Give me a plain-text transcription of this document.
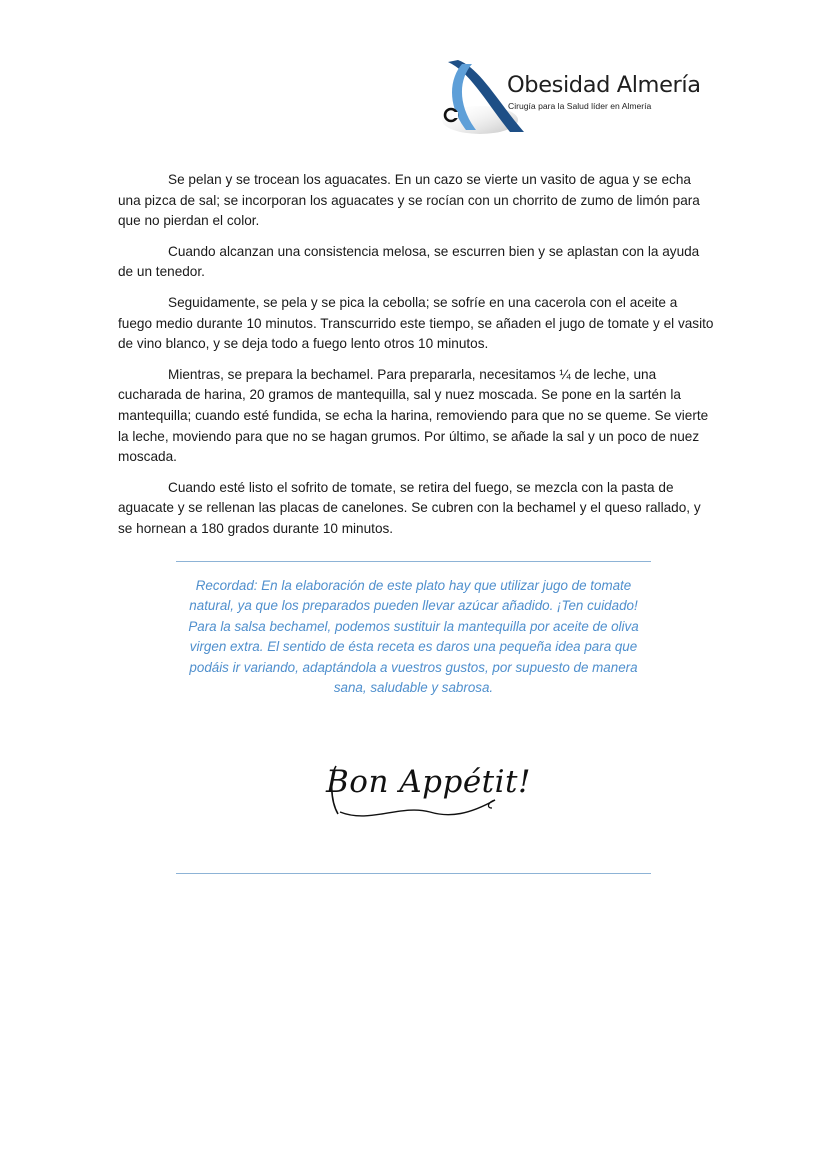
Obesidad Almería
Cirugía para la Salud líder en Almería

Se pelan y se trocean los aguacates. En un cazo se vierte un vasito de agua y se echa una pizca de sal; se incorporan los aguacates y se rocían con un chorrito de zumo de limón para que no pierdan el color.

Cuando alcanzan una consistencia melosa, se escurren bien y se aplastan con la ayuda de un tenedor.

Seguidamente, se pela y se pica la cebolla; se sofríe en una cacerola con el aceite a fuego medio durante 10 minutos. Transcurrido este tiempo, se añaden el jugo de tomate y el vasito de vino blanco, y se deja todo a fuego lento otros 10 minutos.

Mientras, se prepara la bechamel. Para prepararla, necesitamos ¼ de leche, una cucharada de harina, 20 gramos de mantequilla, sal y nuez moscada. Se pone en la sartén la mantequilla; cuando esté fundida, se echa la harina, removiendo para que no se queme. Se vierte la leche, moviendo para que no se hagan grumos. Por último, se añade la sal y un poco de nuez moscada.

Cuando esté listo el sofrito de tomate, se retira del fuego, se mezcla con la pasta de aguacate y se rellenan las placas de canelones. Se cubren con la bechamel y el queso rallado, y se hornean a 180 grados durante 10 minutos.

Recordad: En la elaboración de este plato hay que utilizar jugo de tomate natural, ya que los preparados pueden llevar azúcar añadido. ¡Ten cuidado! Para la salsa bechamel, podemos sustituir la mantequilla por aceite de oliva virgen extra. El sentido de ésta receta es daros una pequeña idea para que podáis ir variando, adaptándola a vuestros gustos, por supuesto de manera sana, saludable y sabrosa.
Bon Appétit!
